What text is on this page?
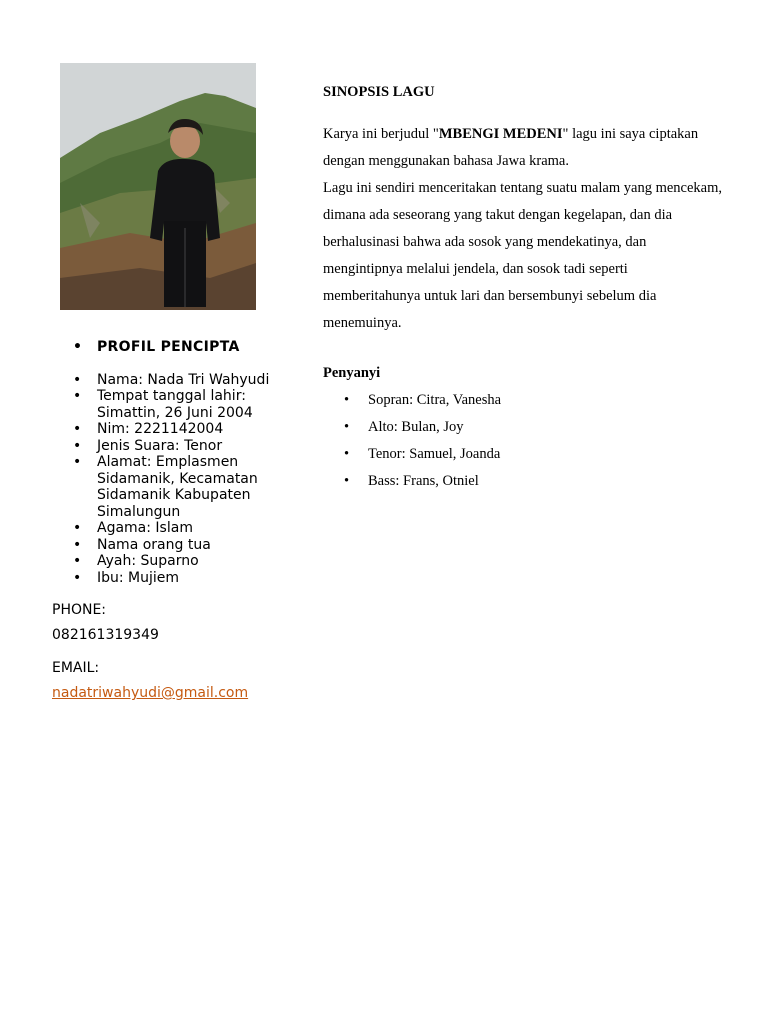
• PROFIL PENCIPTA
• Nama: Nada Tri Wahyudi
• Tempat tanggal lahir: Simattin, 26 Juni 2004
• Nim: 2221142004
• Jenis Suara: Tenor
• Alamat: Emplasmen Sidamanik, Kecamatan Sidamanik Kabupaten Simalungun
• Agama: Islam
• Nama orang tua
• Ayah: Suparno
• Ibu: Mujiem
PHONE:
082161319349
EMAIL:
nadatriwahyudi@gmail.com

SINOPSIS LAGU

Karya ini berjudul "MBENGI MEDENI" lagu ini saya ciptakan dengan menggunakan bahasa Jawa krama.
Lagu ini sendiri menceritakan tentang suatu malam yang mencekam, dimana ada seseorang yang takut dengan kegelapan, dan dia berhalusinasi bahwa ada sosok yang mendekatinya, dan mengintipnya melalui jendela, dan sosok tadi seperti memberitahunya untuk lari dan bersembunyi sebelum dia menemuinya.

Penyanyi

• Sopran: Citra, Vanesha
• Alto: Bulan, Joy
• Tenor: Samuel, Joanda
• Bass: Frans, Otniel
